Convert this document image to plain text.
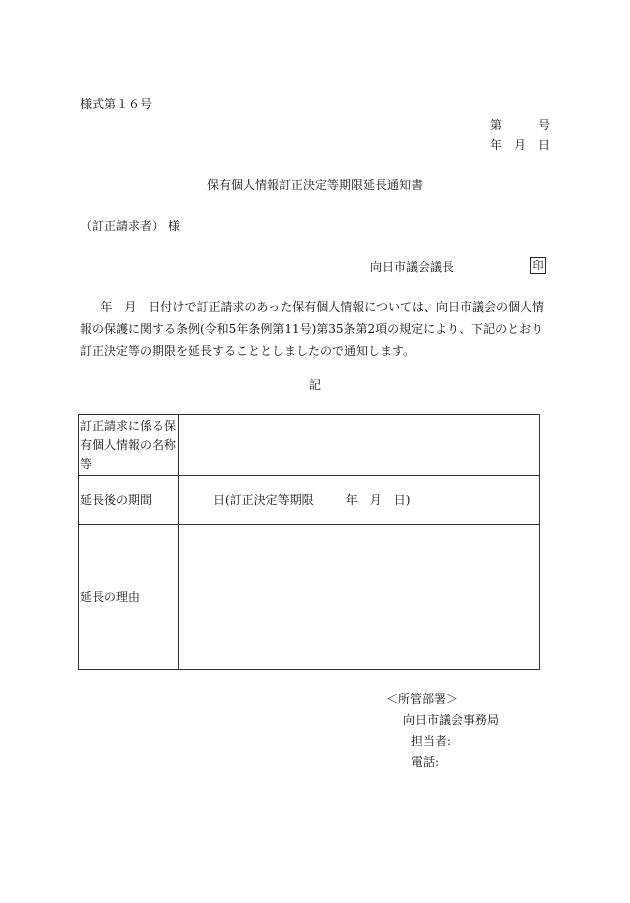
様式第１６号
第　　　号
年　月　日
保有個人情報訂正決定等期限延長通知書
（訂正請求者） 様
向日市議会議長	印
年　月　日付けで訂正請求のあった保有個人情報については、向日市議会の個人情報の保護に関する条例(令和5年条例第11号)第35条第2項の規定により、下記のとおり訂正決定等の期限を延長することとしましたので通知します。
記
訂正請求に係る保有個人情報の名称等	
延長後の期間	日(訂正決定等期限 年　月　日)

延長の理由	
＜所管部署＞
向日市議会事務局
担当者:
電話:
